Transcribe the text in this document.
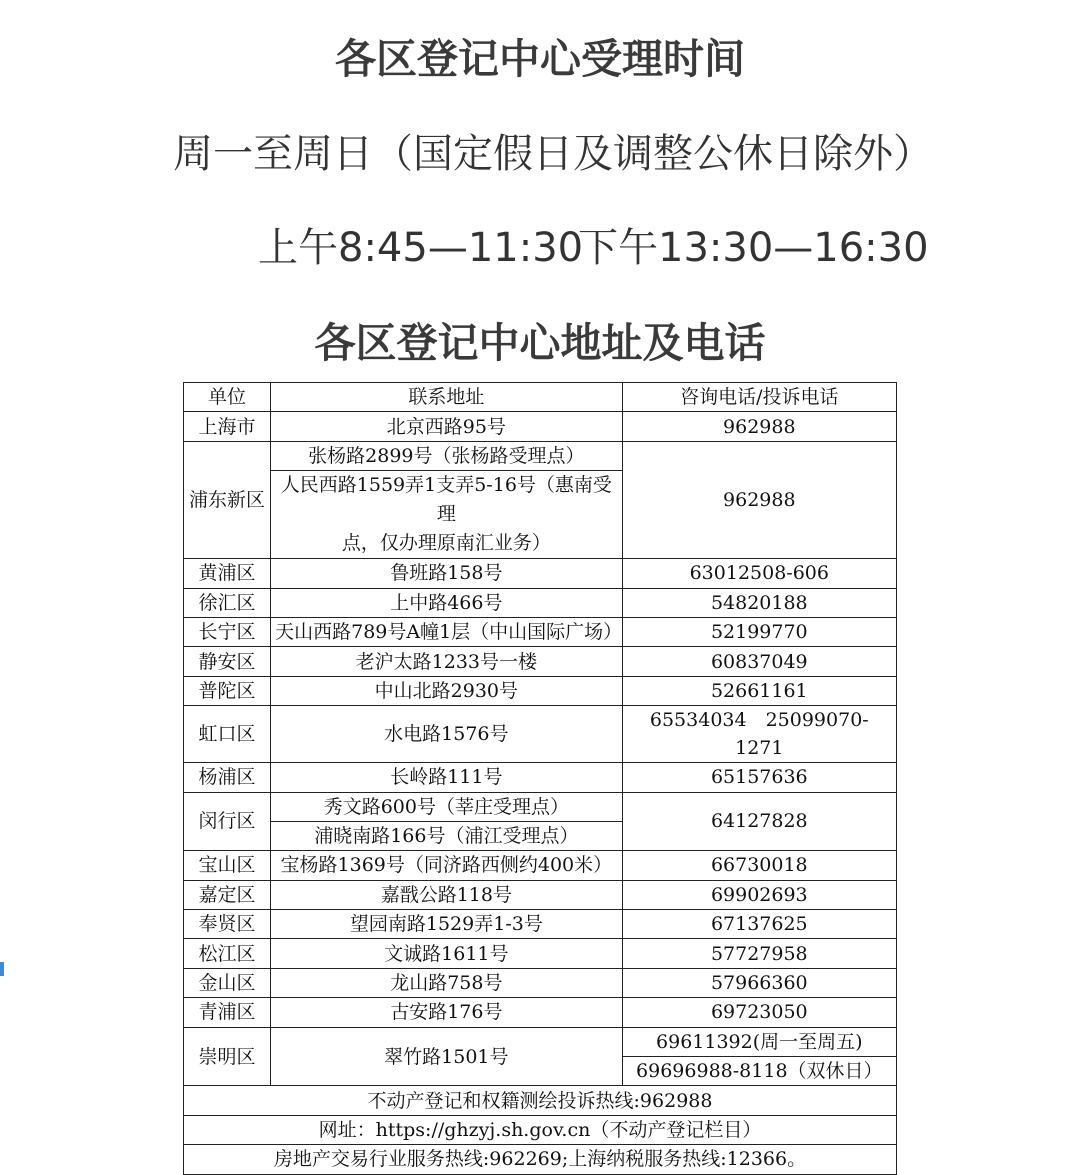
各区登记中心受理时间
周一至周日（国定假日及调整公休日除外）
上午8:45—11:30
下午13:30—16:30
各区登记中心地址及电话
单位	联系地址	咨询电话/投诉电话
上海市	北京西路95号	962988
浦东新区	张杨路2899号（张杨路受理点）	962988
	人民西路1559弄1支弄5-16号（惠南受理
点，仅办理原南汇业务）	
黄浦区	鲁班路158号	63012508-606
徐汇区	上中路466号	54820188
长宁区	天山西路789号A幢1层（中山国际广场）	52199770
静安区	老沪太路1233号一楼	60837049
普陀区	中山北路2930号	52661161
虹口区	水电路1576号	65534034　25099070-1271
杨浦区	长岭路111号	65157636
闵行区	秀文路600号（莘庄受理点）	64127828
	浦晓南路166号（浦江受理点）	
宝山区	宝杨路1369号（同济路西侧约400米）	66730018
嘉定区	嘉戬公路118号	69902693
奉贤区	望园南路1529弄1-3号	67137625
松江区	文诚路1611号	57727958
金山区	龙山路758号	57966360
青浦区	古安路176号	69723050
崇明区	翠竹路1501号	69611392(周一至周五)
		69696988-8118（双休日）
不动产登记和权籍测绘投诉热线:962988		
网址：https://ghzyj.sh.gov.cn（不动产登记栏目）		
房地产交易行业服务热线:962269;上海纳税服务热线:12366。		
